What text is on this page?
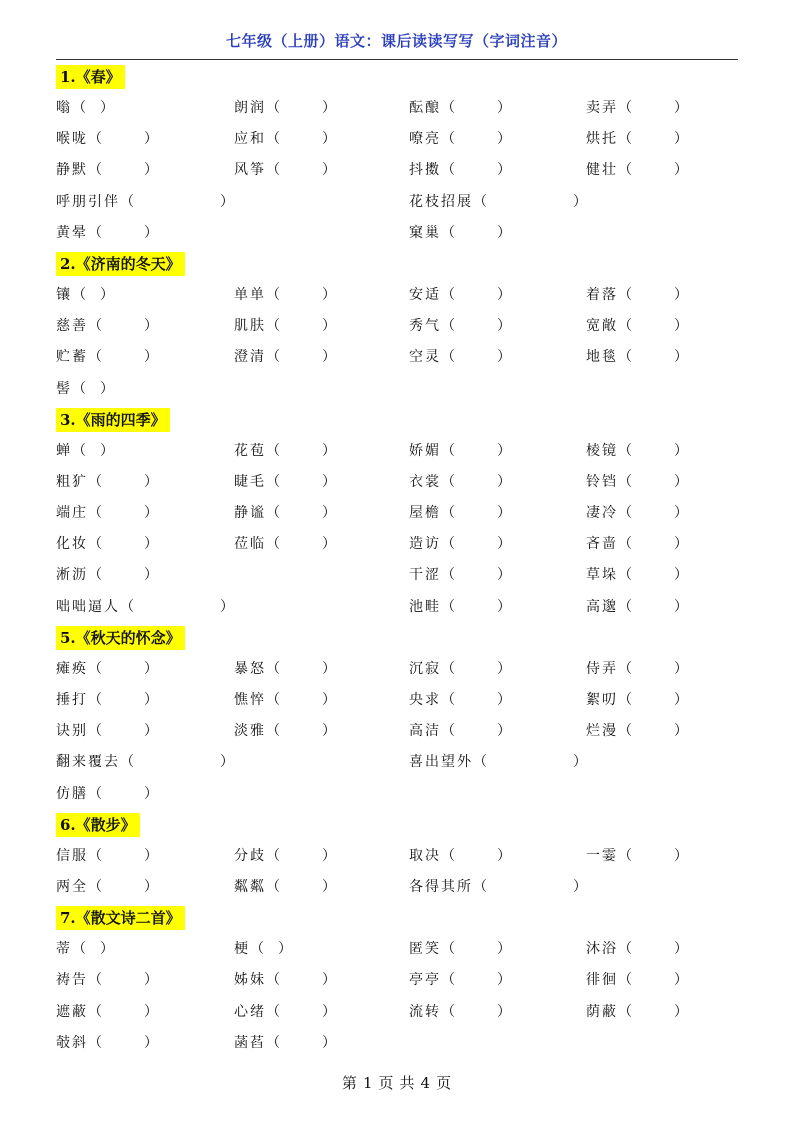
七年级（上册）语文：课后读读写写（字词注音）
1.《春》
嗡（ ）	朗润（	）	酝酿（	）	卖弄（	）
喉咙（	）	应和（	）	嘹亮（	）	烘托（	）
静默（	）	风筝（	）	抖擞（	）	健壮（	）
呼朋引伴（	）	花枝招展（	）
黄晕（	）	窠巢（	）
2.《济南的冬天》
镶（ ）	单单（	）	安适（	）	着落（	）
慈善（	）	肌肤（	）	秀气（	）	宽敞（	）
贮蓄（	）	澄清（	）	空灵（	）	地毯（	）
髻（ ）
3.《雨的四季》
蝉（ ）	花苞（	）	娇媚（	）	棱镜（	）
粗犷（	）	睫毛（	）	衣裳（	）	铃铛（	）
端庄（	）	静谧（	）	屋檐（	）	凄冷（	）
化妆（	）	莅临（	）	造访（	）	吝啬（	）
淅沥（	）	干涩（	）	草垛（	）
咄咄逼人（	）	池畦（	）	高邈（	）
5.《秋天的怀念》
瘫痪（	）	暴怒（	）	沉寂（	）	侍弄（	）
捶打（	）	憔悴（	）	央求（	）	絮叨（	）
诀别（	）	淡雅（	）	高洁（	）	烂漫（	）
翻来覆去（	）	喜出望外（	）
仿膳（	）
6.《散步》
信服（	）	分歧（	）	取决（	）	一霎（	）
两全（	）	粼粼（	）	各得其所（	）
7.《散文诗二首》
蒂（ ）	梗（ ）	匿笑（	）	沐浴（	）
祷告（	）	姊妹（	）	亭亭（	）	徘徊（	）
遮蔽（	）	心绪（	）	流转（	）	荫蔽（	）
攲斜（	）	菡萏（	）
第 1 页 共 4 页
